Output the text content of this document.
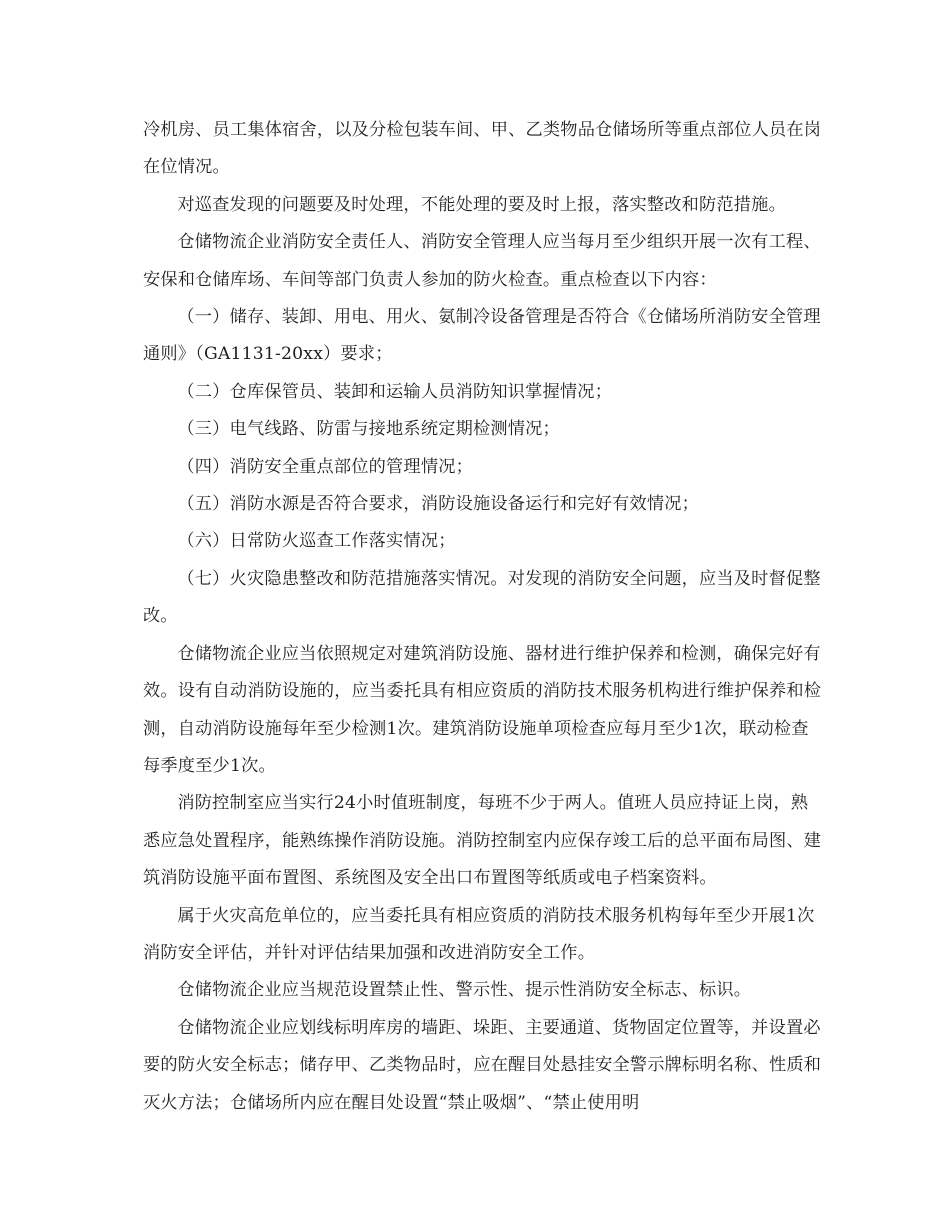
冷机房、员工集体宿舍，以及分检包装车间、甲、乙类物品仓储场所等重点部位人员在岗在位情况。

对巡查发现的问题要及时处理，不能处理的要及时上报，落实整改和防范措施。

仓储物流企业消防安全责任人、消防安全管理人应当每月至少组织开展一次有工程、安保和仓储库场、车间等部门负责人参加的防火检查。重点检查以下内容：

（一）储存、装卸、用电、用火、氨制冷设备管理是否符合《仓储场所消防安全管理通则》（GA1131-20xx）要求；

（二）仓库保管员、装卸和运输人员消防知识掌握情况；

（三）电气线路、防雷与接地系统定期检测情况；

（四）消防安全重点部位的管理情况；

（五）消防水源是否符合要求，消防设施设备运行和完好有效情况；

（六）日常防火巡查工作落实情况；

（七）火灾隐患整改和防范措施落实情况。对发现的消防安全问题，应当及时督促整改。

仓储物流企业应当依照规定对建筑消防设施、器材进行维护保养和检测，确保完好有效。设有自动消防设施的，应当委托具有相应资质的消防技术服务机构进行维护保养和检测，自动消防设施每年至少检测1次。建筑消防设施单项检查应每月至少1次，联动检查每季度至少1次。

消防控制室应当实行24小时值班制度，每班不少于两人。值班人员应持证上岗，熟悉应急处置程序，能熟练操作消防设施。消防控制室内应保存竣工后的总平面布局图、建筑消防设施平面布置图、系统图及安全出口布置图等纸质或电子档案资料。

属于火灾高危单位的，应当委托具有相应资质的消防技术服务机构每年至少开展1次消防安全评估，并针对评估结果加强和改进消防安全工作。

仓储物流企业应当规范设置禁止性、警示性、提示性消防安全标志、标识。

仓储物流企业应划线标明库房的墙距、垛距、主要通道、货物固定位置等，并设置必要的防火安全标志；储存甲、乙类物品时，应在醒目处悬挂安全警示牌标明名称、性质和灭火方法；仓储场所内应在醒目处设置“禁止吸烟”、“禁止使用明
